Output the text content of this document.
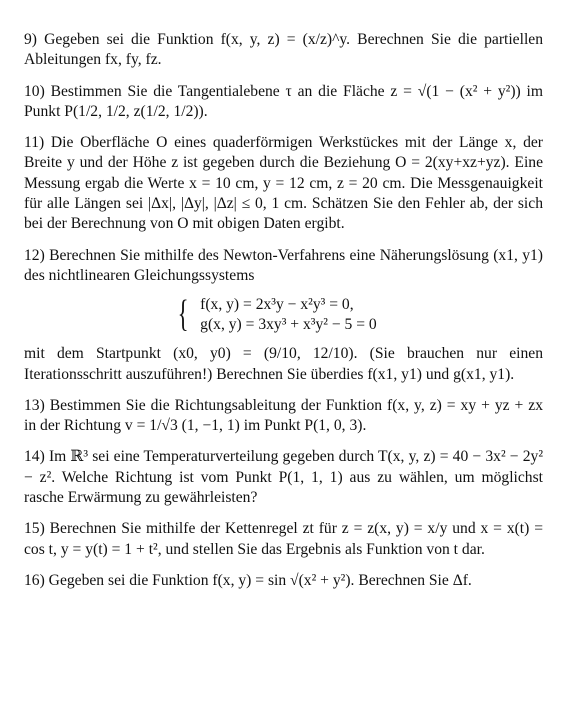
9) Gegeben sei die Funktion f(x, y, z) = (x/z)^y. Berechnen Sie die partiellen Ableitungen fx, fy, fz.

10) Bestimmen Sie die Tangentialebene τ an die Fläche z = √(1 − (x² + y²)) im Punkt P(1/2, 1/2, z(1/2, 1/2)).

11) Die Oberfläche O eines quaderförmigen Werkstückes mit der Länge x, der Breite y und der Höhe z ist gegeben durch die Beziehung O = 2(xy+xz+yz). Eine Messung ergab die Werte x = 10 cm, y = 12 cm, z = 20 cm. Die Messgenauigkeit für alle Längen sei |Δx|, |Δy|, |Δz| ≤ 0, 1 cm. Schätzen Sie den Fehler ab, der sich bei der Berechnung von O mit obigen Daten ergibt.

12) Berechnen Sie mithilfe des Newton-Verfahrens eine Näherungslösung (x1, y1) des nichtlinearen Gleichungssystems

{ f(x, y) = 2x³y − x²y³ = 0,
g(x, y) = 3xy³ + x³y² − 5 = 0

mit dem Startpunkt (x0, y0) = (9/10, 12/10). (Sie brauchen nur einen Iterationsschritt auszuführen!) Berechnen Sie überdies f(x1, y1) und g(x1, y1).

13) Bestimmen Sie die Richtungsableitung der Funktion f(x, y, z) = xy + yz + zx in der Richtung v = 1/√3 (1, −1, 1) im Punkt P(1, 0, 3).

14) Im ℝ³ sei eine Temperaturverteilung gegeben durch T(x, y, z) = 40 − 3x² − 2y² − z². Welche Richtung ist vom Punkt P(1, 1, 1) aus zu wählen, um möglichst rasche Erwärmung zu gewährleisten?

15) Berechnen Sie mithilfe der Kettenregel zt für z = z(x, y) = x/y und x = x(t) = cos t, y = y(t) = 1 + t², und stellen Sie das Ergebnis als Funktion von t dar.

16) Gegeben sei die Funktion f(x, y) = sin √(x² + y²). Berechnen Sie Δf.
